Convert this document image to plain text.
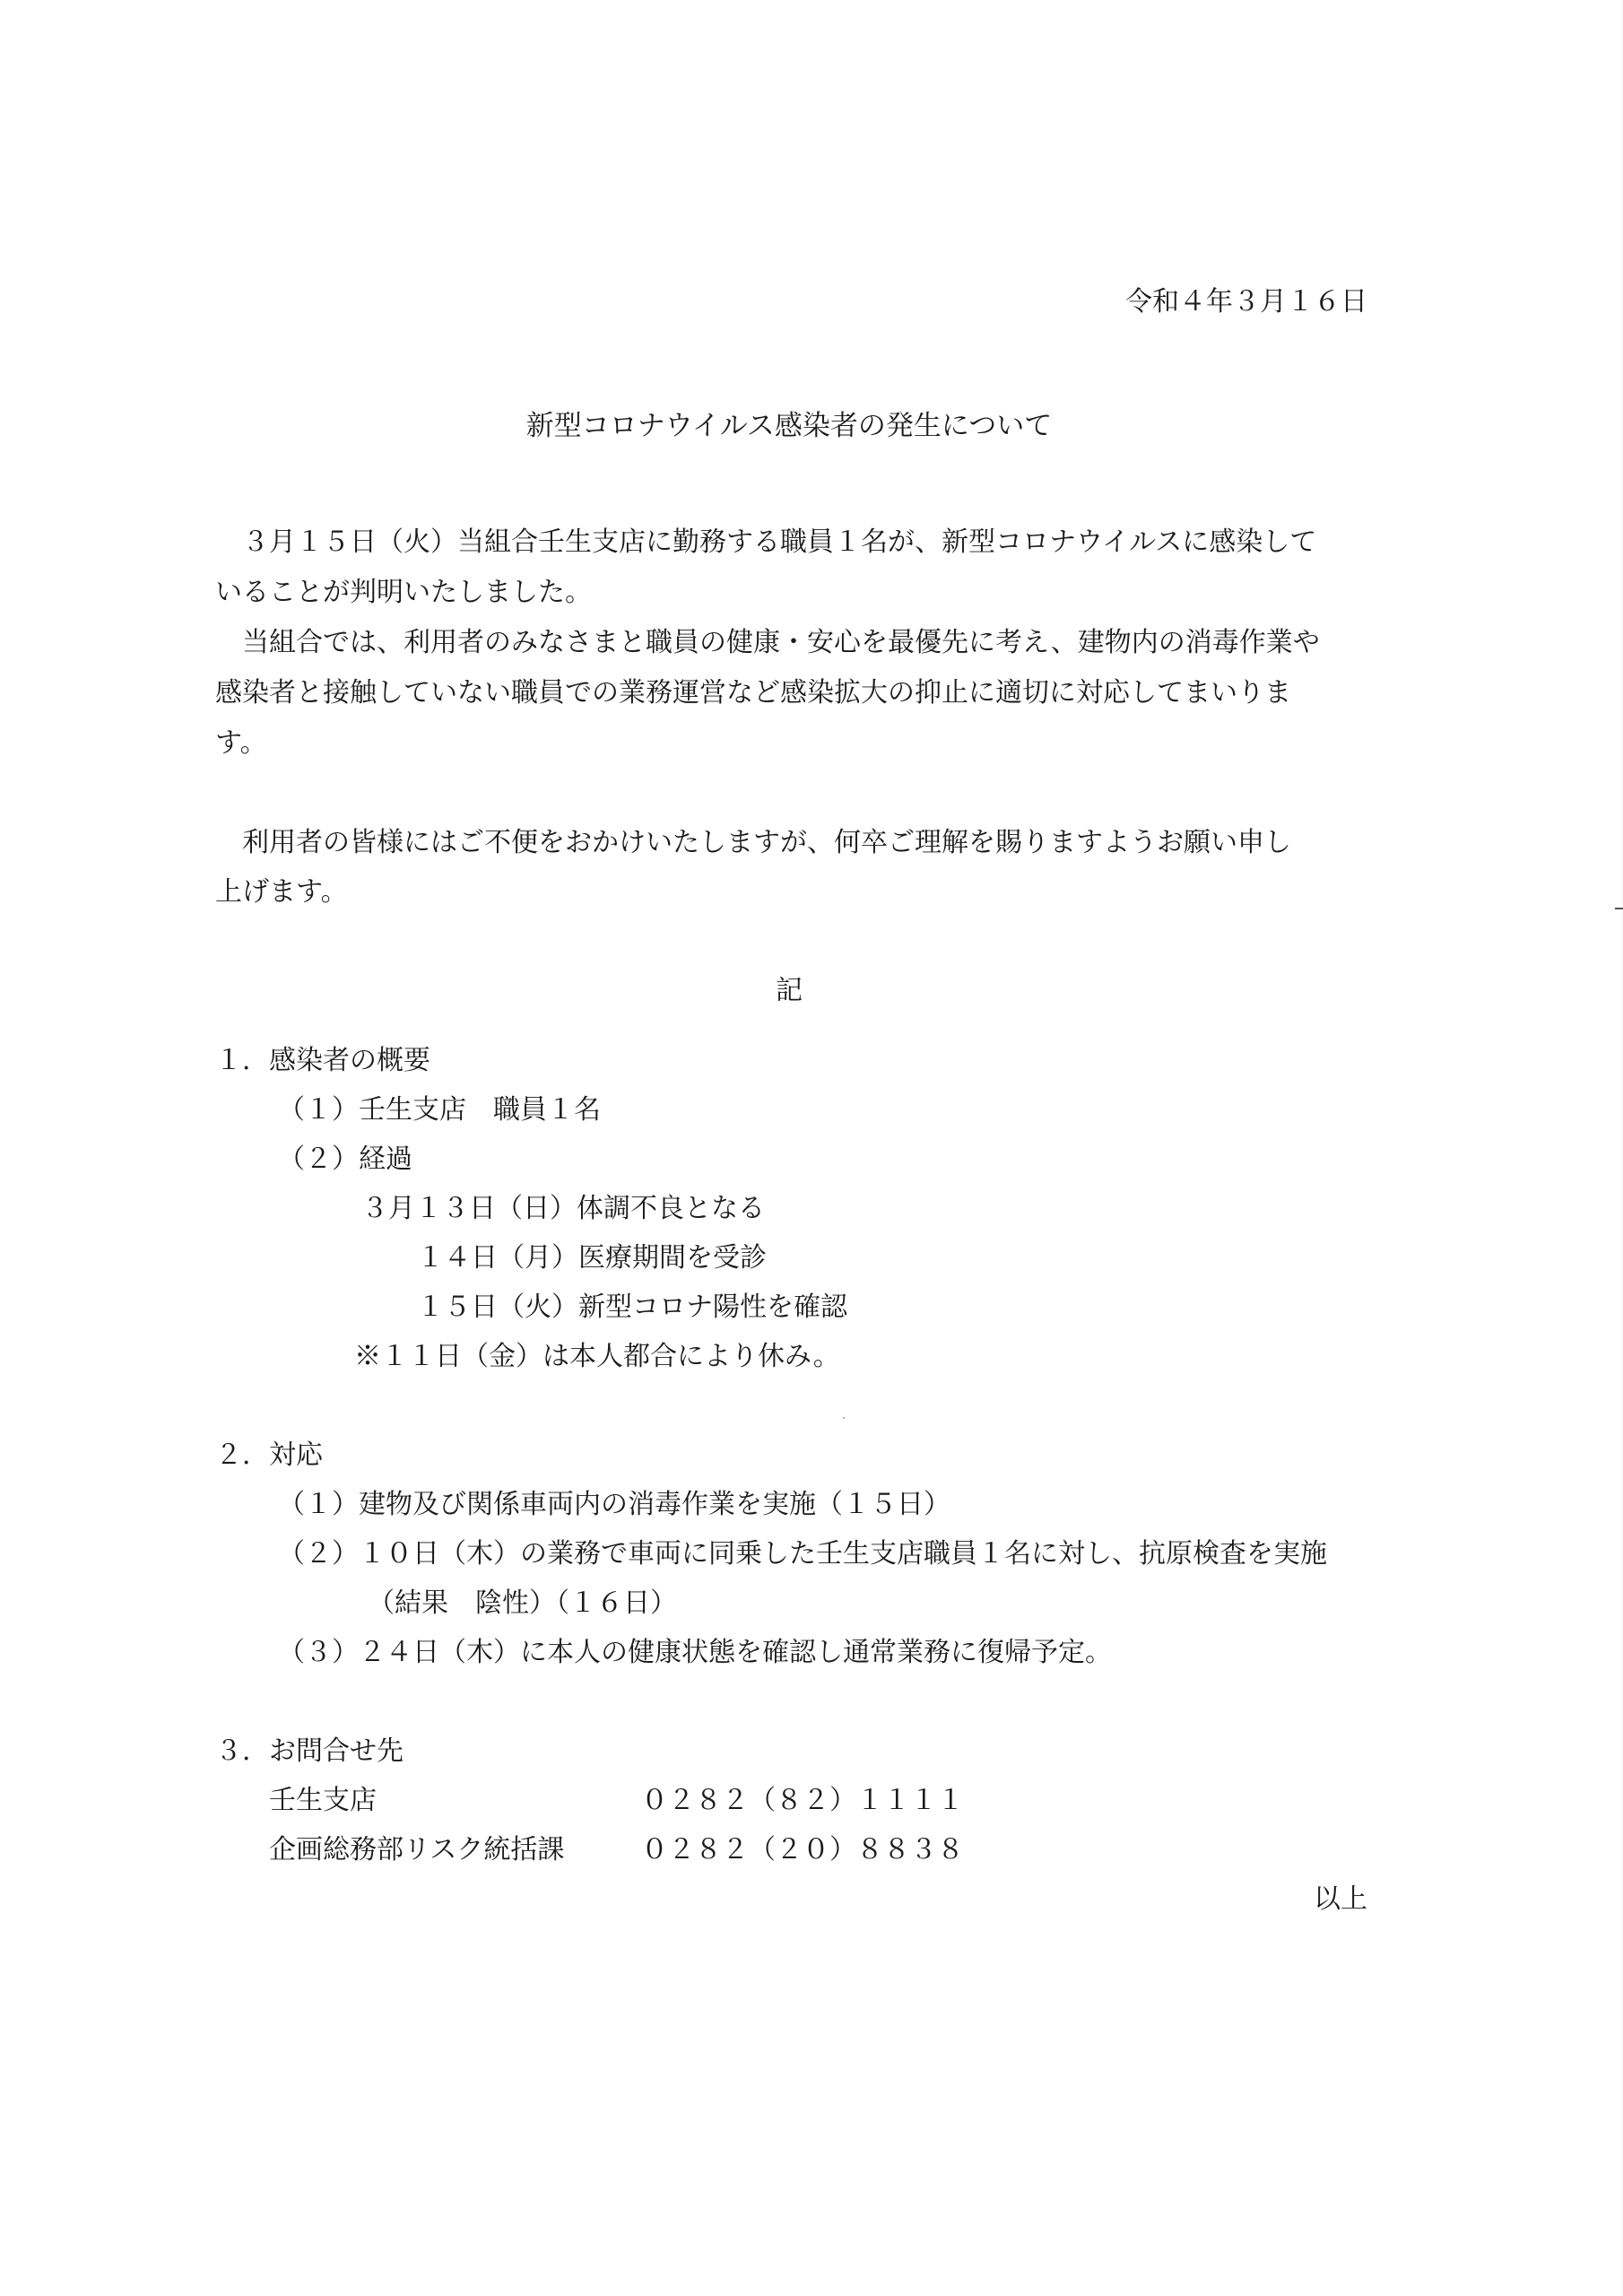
令和４年３月１６日
新型コロナウイルス感染者の発生について
　３月１５日（火）当組合壬生支店に勤務する職員１名が、新型コロナウイルスに感染して
いることが判明いたしました。
　当組合では、利用者のみなさまと職員の健康・安心を最優先に考え、建物内の消毒作業や
感染者と接触していない職員での業務運営など感染拡大の抑止に適切に対応してまいりま
す。
　利用者の皆様にはご不便をおかけいたしますが、何卒ご理解を賜りますようお願い申し
上げます。
記
１．感染者の概要
（１）壬生支店　職員１名
（２）経過
３月１３日（日）体調不良となる
１４日（月）医療期間を受診
１５日（火）新型コロナ陽性を確認
※１１日（金）は本人都合により休み。
２．対応
（１）建物及び関係車両内の消毒作業を実施（１５日）
（２）１０日（木）の業務で車両に同乗した壬生支店職員１名に対し、抗原検査を実施
（結果　陰性）（１６日）
（３）２４日（木）に本人の健康状態を確認し通常業務に復帰予定。
３．お問合せ先
壬生支店	０２８２（８２）１１１１
企画総務部リスク統括課	０２８２（２０）８８３８
以上
